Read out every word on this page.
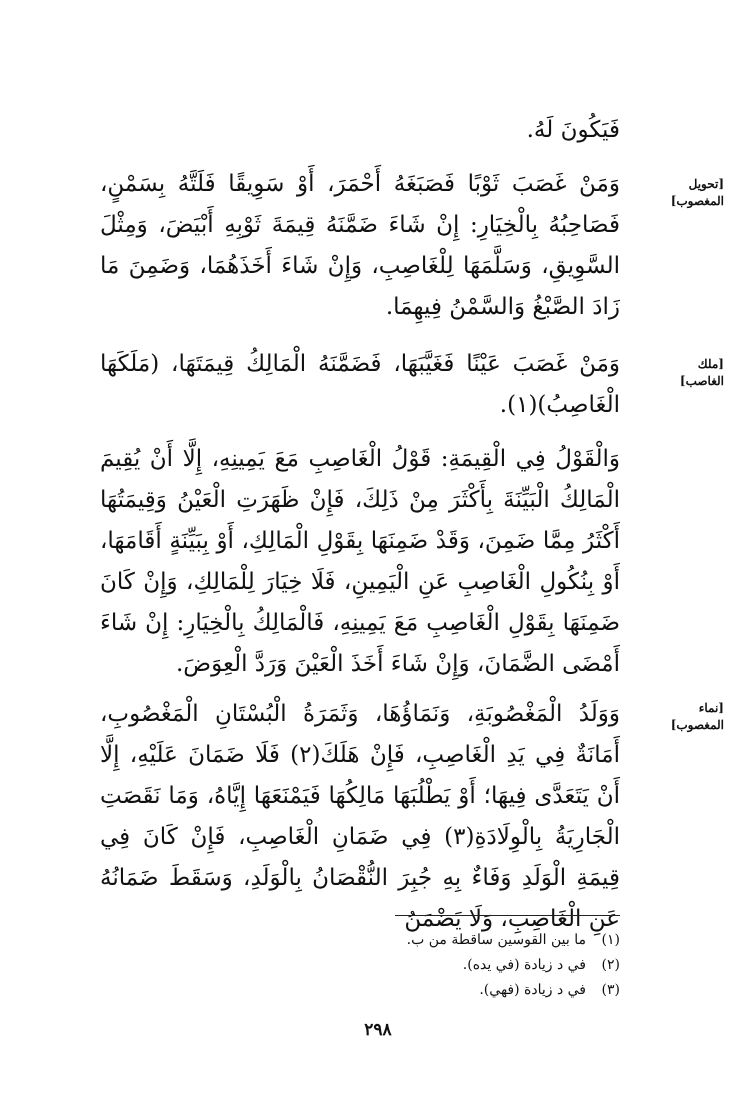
فَيَكُونَ لَهُ.

[تحويل
المغصوب]

وَمَنْ غَصَبَ ثَوْبًا فَصَبَغَهُ أَحْمَرَ، أَوْ سَوِيقًا فَلَتَّهُ بِسَمْنٍ، فَصَاحِبُهُ بِالْخِيَارِ: إِنْ شَاءَ ضَمَّنَهُ قِيمَةَ ثَوْبِهِ أَبْيَضَ، وَمِثْلَ السَّوِيقِ، وَسَلَّمَهَا لِلْغَاصِبِ، وَإِنْ شَاءَ أَخَذَهُمَا، وَضَمِنَ مَا زَادَ الصَّبْغُ وَالسَّمْنُ فِيهِمَا.

[ملك
الغاصب]

وَمَنْ غَصَبَ عَيْنًا فَغَيَّبَهَا، فَضَمَّنَهُ الْمَالِكُ قِيمَتَهَا، (مَلَكَهَا الْغَاصِبُ)(١).

وَالْقَوْلُ فِي الْقِيمَةِ: قَوْلُ الْغَاصِبِ مَعَ يَمِينِهِ، إِلَّا أَنْ يُقِيمَ الْمَالِكُ الْبَيِّنَةَ بِأَكْثَرَ مِنْ ذَلِكَ، فَإِنْ ظَهَرَتِ الْعَيْنُ وَقِيمَتُهَا أَكْثَرُ مِمَّا ضَمِنَ، وَقَدْ ضَمِنَهَا بِقَوْلِ الْمَالِكِ، أَوْ بِبَيِّنَةٍ أَقَامَهَا، أَوْ بِنُكُولِ الْغَاصِبِ عَنِ الْيَمِينِ، فَلَا خِيَارَ لِلْمَالِكِ، وَإِنْ كَانَ ضَمِنَهَا بِقَوْلِ الْغَاصِبِ مَعَ يَمِينِهِ، فَالْمَالِكُ بِالْخِيَارِ: إِنْ شَاءَ أَمْضَى الضَّمَانَ، وَإِنْ شَاءَ أَخَذَ الْعَيْنَ وَرَدَّ الْعِوَضَ.

[نماء
المغصوب]

وَوَلَدُ الْمَغْصُوبَةِ، وَنَمَاؤُهَا، وَثَمَرَةُ الْبُسْتَانِ الْمَغْصُوبِ، أَمَانَةٌ فِي يَدِ الْغَاصِبِ، فَإِنْ هَلَكَ(٢) فَلَا ضَمَانَ عَلَيْهِ، إِلَّا أَنْ يَتَعَدَّى فِيهَا؛ أَوْ يَطْلُبَهَا مَالِكُهَا فَيَمْنَعَهَا إِيَّاهُ، وَمَا نَقَصَتِ الْجَارِيَةُ بِالْوِلَادَةِ(٣) فِي ضَمَانِ الْغَاصِبِ، فَإِنْ كَانَ فِي قِيمَةِ الْوَلَدِ وَفَاءٌ بِهِ جُبِرَ النُّقْصَانُ بِالْوَلَدِ، وَسَقَطَ ضَمَانُهُ عَنِ الْغَاصِبِ، وَلَا يَضْمَنُ

(١)ما بين القوسين ساقطة من ب.
(٢)في د زيادة (في يده).
(٣)في د زيادة (فهي).
٢٩٨
